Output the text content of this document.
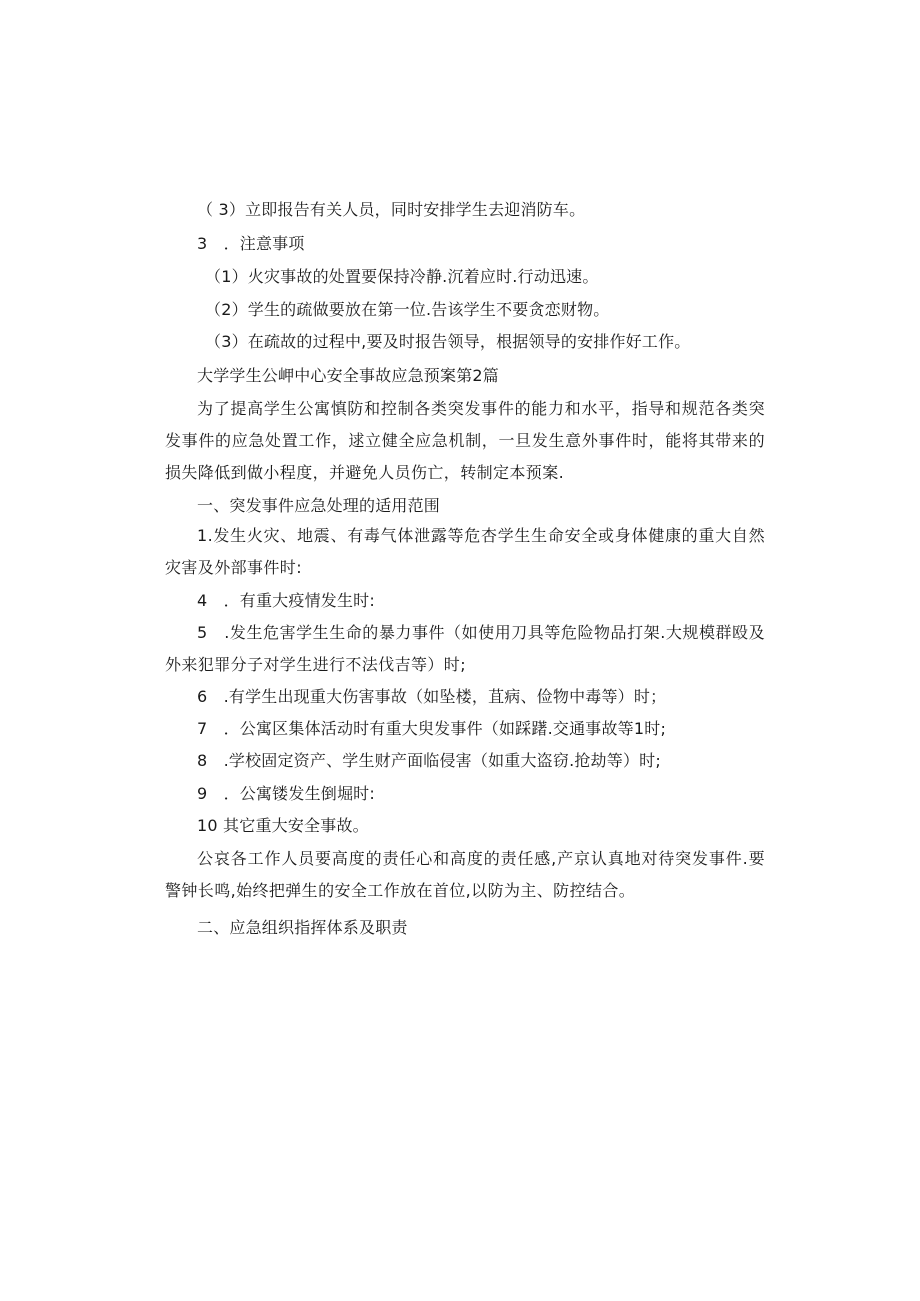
（ 3）立即报告有关人员，同时安排学生去迎消防车。
3　．注意事项
（1）火灾事故的处置要保持冷静.沉着应时.行动迅速。
（2）学生的疏做要放在第一位.告该学生不要贪恋财物。
（3）在疏故的过程中,要及时报告领导，根据领导的安排作好工作。
大学学生公岬中心安全事故应急预案第2篇
为了提高学生公寓慎防和控制各类突发事件的能力和水平，指导和规范各类突发事件的应急处置工作，逑立健全应急机制，一旦发生意外事件时，能将其带来的损失降低到做小程度，并避免人员伤亡，转制定本预案.
一、突发事件应急处理的适用范围
1.发生火灾、地震、有毒气体泄露等危杏学生生命安全或身体健康的重大自然灾害及外部事件时:
4　．有重大疫情发生时:
5　.发生危害学生生命的暴力事件（如使用刀具等危险物品打架.大规模群殴及外来犯罪分子对学生进行不法伐吉等）时;
6　.有学生出现重大伤害事故（如坠楼，苴病、俭物中毒等）时；
7　．公寓区集体活动时有重大臾发事件（如踩躇.交通事故等1时;
8　.学校固定资产、学生财产面临侵害（如重大盗窃.抢劫等）时;
9　．公寓镂发生倒堀时:
10 其它重大安全事故。
公哀各工作人员要高度的责任心和高度的责任感,产京认真地对待突发事件.要警钟长鸣,始终把弹生的安全工作放在首位,以防为主、防控结合。
二、应急组织指挥体系及职责
